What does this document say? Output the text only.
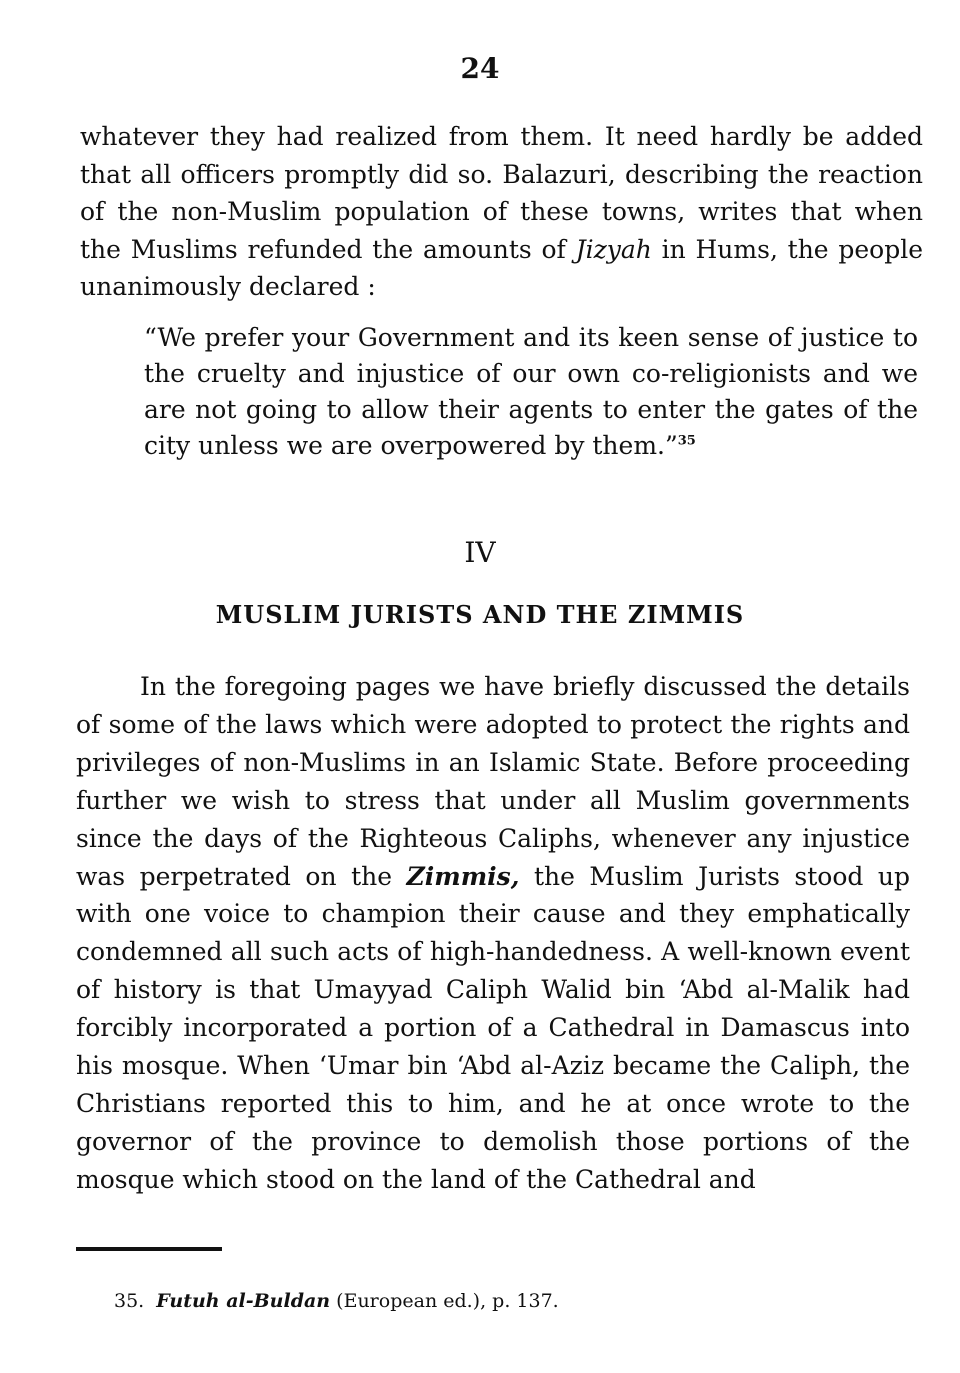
24

whatever they had realized from them. It need hardly be added that all officers promptly did so. Balazuri, describing the reaction of the non-Muslim population of these towns, writes that when the Muslims refunded the amounts of Jizyah in Hums, the people unanimously declared :

“We prefer your Government and its keen sense of justice to the cruelty and injustice of our own co-religionists and we are not going to allow their agents to enter the gates of the city unless we are overpowered by them.”$^{35}$

IV
MUSLIM JURISTS AND THE ZIMMIS

In the foregoing pages we have briefly discussed the details of some of the laws which were adopted to protect the rights and privileges of non-Muslims in an Islamic State. Before proceeding further we wish to stress that under all Muslim governments since the days of the Righteous Caliphs, whenever any injustice was perpetrated on the Zimmis, the Muslim Jurists stood up with one voice to champion their cause and they emphatically condemned all such acts of high-handedness. A well-known event of history is that Umayyad Caliph Walid bin ‘Abd al-Malik had forcibly incorporated a portion of a Cathedral in Damascus into his mosque. When ‘Umar bin ‘Abd al-Aziz became the Caliph, the Christians reported this to him, and he at once wrote to the governor of the province to demolish those portions of the mosque which stood on the land of the Cathedral and

35. Futuh al-Buldan (European ed.), p. 137.
